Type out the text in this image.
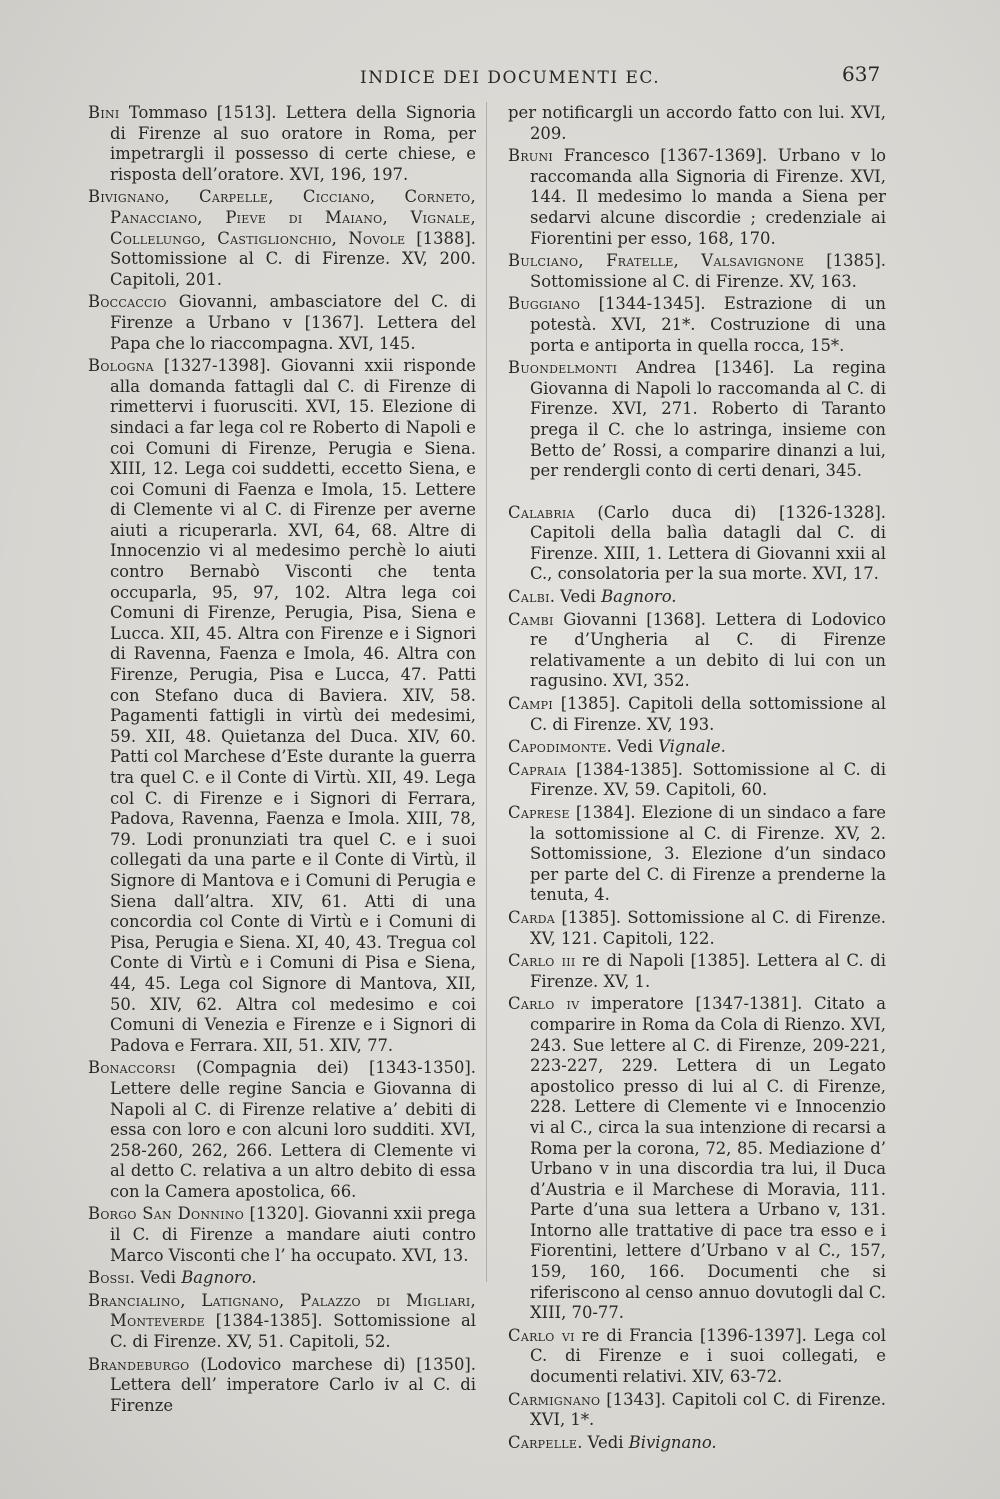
INDICE DEI DOCUMENTI EC.	637

Bini Tommaso [1513]. Lettera della Signoria di Firenze al suo oratore in Roma, per impetrargli il possesso di certe chiese, e risposta dell’oratore. XVI, 196, 197.

Bivignano, Carpelle, Cicciano, Corneto, Panacciano, Pieve di Maiano, Vignale, Collelungo, Castiglionchio, Novole [1388]. Sottomissione al C. di Firenze. XV, 200. Capitoli, 201.

Boccaccio Giovanni, ambasciatore del C. di Firenze a Urbano v [1367]. Lettera del Papa che lo riaccompagna. XVI, 145.

Bologna [1327-1398]. Giovanni xxii risponde alla domanda fattagli dal C. di Firenze di rimettervi i fuorusciti. XVI, 15. Elezione di sindaci a far lega col re Roberto di Napoli e coi Comuni di Firenze, Perugia e Siena. XIII, 12. Lega coi suddetti, eccetto Siena, e coi Comuni di Faenza e Imola, 15. Lettere di Clemente vi al C. di Firenze per averne aiuti a ricuperarla. XVI, 64, 68. Altre di Innocenzio vi al medesimo perchè lo aiuti contro Bernabò Visconti che tenta occuparla, 95, 97, 102. Altra lega coi Comuni di Firenze, Perugia, Pisa, Siena e Lucca. XII, 45. Altra con Firenze e i Signori di Ravenna, Faenza e Imola, 46. Altra con Firenze, Perugia, Pisa e Lucca, 47. Patti con Stefano duca di Baviera. XIV, 58. Pagamenti fattigli in virtù dei medesimi, 59. XII, 48. Quietanza del Duca. XIV, 60. Patti col Marchese d’Este durante la guerra tra quel C. e il Conte di Virtù. XII, 49. Lega col C. di Firenze e i Signori di Ferrara, Padova, Ravenna, Faenza e Imola. XIII, 78, 79. Lodi pronunziati tra quel C. e i suoi collegati da una parte e il Conte di Virtù, il Signore di Mantova e i Comuni di Perugia e Siena dall’altra. XIV, 61. Atti di una concordia col Conte di Virtù e i Comuni di Pisa, Perugia e Siena. XI, 40, 43. Tregua col Conte di Virtù e i Comuni di Pisa e Siena, 44, 45. Lega col Signore di Mantova, XII, 50. XIV, 62. Altra col medesimo e coi Comuni di Venezia e Firenze e i Signori di Padova e Ferrara. XII, 51. XIV, 77.

Bonaccorsi (Compagnia dei) [1343-1350]. Lettere delle regine Sancia e Giovanna di Napoli al C. di Firenze relative a’ debiti di essa con loro e con alcuni loro sudditi. XVI, 258-260, 262, 266. Lettera di Clemente vi al detto C. relativa a un altro debito di essa con la Camera apostolica, 66.

Borgo San Donnino [1320]. Giovanni xxii prega il C. di Firenze a mandare aiuti contro Marco Visconti che l’ ha occupato. XVI, 13.

Bossi. Vedi Bagnoro.

Brancialino, Latignano, Palazzo di Migliari, Monteverde [1384-1385]. Sottomissione al C. di Firenze. XV, 51. Capitoli, 52.

Brandeburgo (Lodovico marchese di) [1350]. Lettera dell’ imperatore Carlo iv al C. di Firenze

per notificargli un accordo fatto con lui. XVI, 209.

Bruni Francesco [1367-1369]. Urbano v lo raccomanda alla Signoria di Firenze. XVI, 144. Il medesimo lo manda a Siena per sedarvi alcune discordie ; credenziale ai Fiorentini per esso, 168, 170.

Bulciano, Fratelle, Valsavignone [1385]. Sottomissione al C. di Firenze. XV, 163.

Buggiano [1344-1345]. Estrazione di un potestà. XVI, 21*. Costruzione di una porta e antiporta in quella rocca, 15*.

Buondelmonti Andrea [1346]. La regina Giovanna di Napoli lo raccomanda al C. di Firenze. XVI, 271. Roberto di Taranto prega il C. che lo astringa, insieme con Betto de’ Rossi, a comparire dinanzi a lui, per rendergli conto di certi denari, 345.

Calabria (Carlo duca di) [1326-1328]. Capitoli della balìa datagli dal C. di Firenze. XIII, 1. Lettera di Giovanni xxii al C., consolatoria per la sua morte. XVI, 17.

Calbi. Vedi Bagnoro.

Cambi Giovanni [1368]. Lettera di Lodovico re d’Ungheria al C. di Firenze relativamente a un debito di lui con un ragusino. XVI, 352.

Campi [1385]. Capitoli della sottomissione al C. di Firenze. XV, 193.

Capodimonte. Vedi Vignale.

Capraia [1384-1385]. Sottomissione al C. di Firenze. XV, 59. Capitoli, 60.

Caprese [1384]. Elezione di un sindaco a fare la sottomissione al C. di Firenze. XV, 2. Sottomissione, 3. Elezione d’un sindaco per parte del C. di Firenze a prenderne la tenuta, 4.

Carda [1385]. Sottomissione al C. di Firenze. XV, 121. Capitoli, 122.

Carlo iii re di Napoli [1385]. Lettera al C. di Firenze. XV, 1.

Carlo iv imperatore [1347-1381]. Citato a comparire in Roma da Cola di Rienzo. XVI, 243. Sue lettere al C. di Firenze, 209-221, 223-227, 229. Lettera di un Legato apostolico presso di lui al C. di Firenze, 228. Lettere di Clemente vi e Innocenzio vi al C., circa la sua intenzione di recarsi a Roma per la corona, 72, 85. Mediazione d’ Urbano v in una discordia tra lui, il Duca d’Austria e il Marchese di Moravia, 111. Parte d’una sua lettera a Urbano v, 131. Intorno alle trattative di pace tra esso e i Fiorentini, lettere d’Urbano v al C., 157, 159, 160, 166. Documenti che si riferiscono al censo annuo dovutogli dal C. XIII, 70-77.

Carlo vi re di Francia [1396-1397]. Lega col C. di Firenze e i suoi collegati, e documenti relativi. XIV, 63-72.

Carmignano [1343]. Capitoli col C. di Firenze. XVI, 1*.

Carpelle. Vedi Bivignano.
